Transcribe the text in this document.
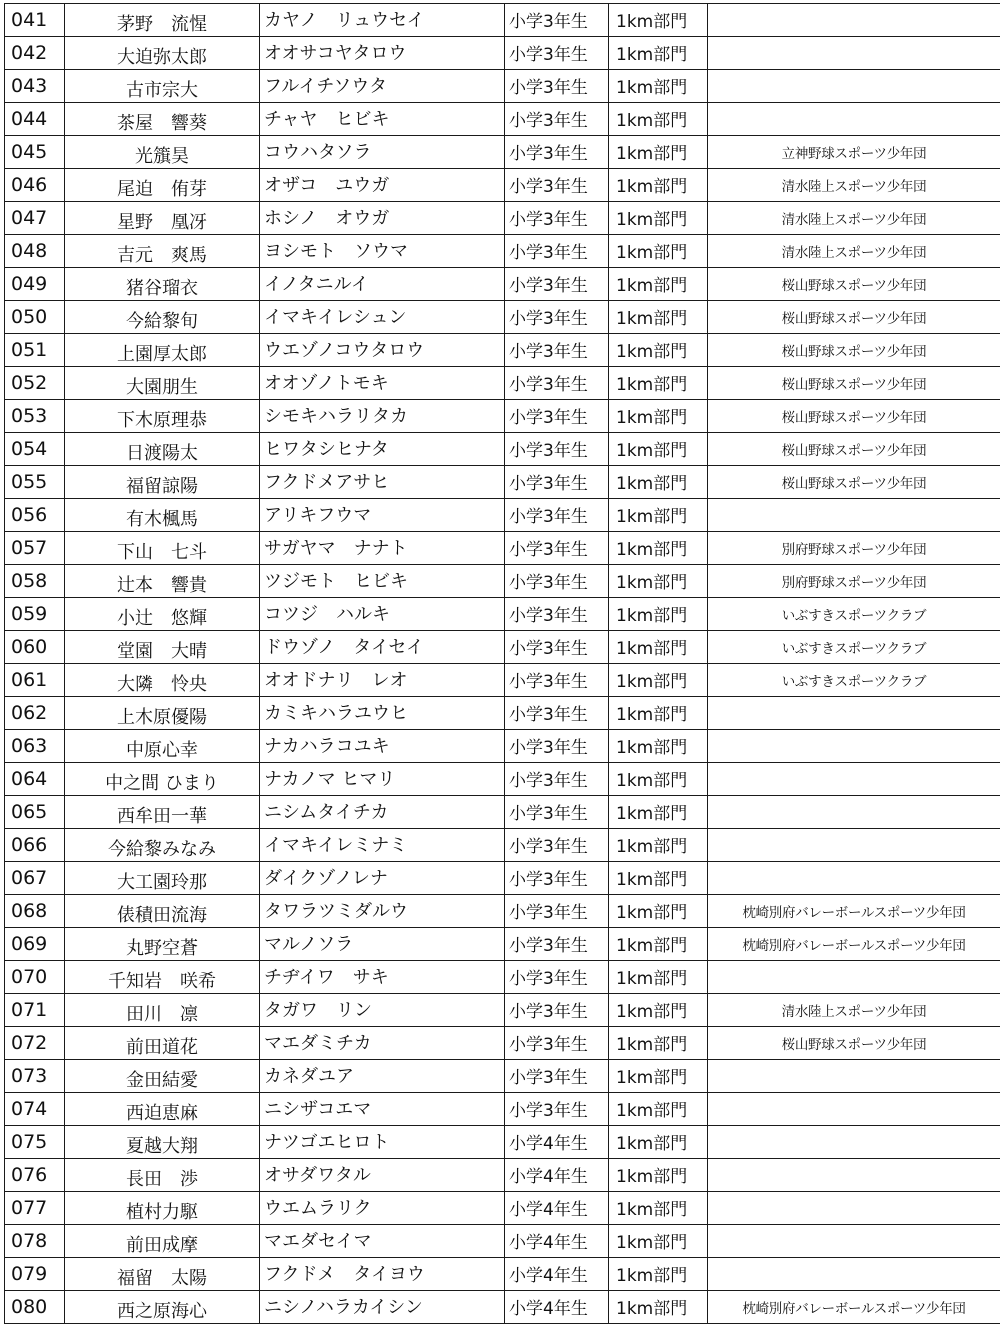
041	茅野　流惺	カヤノ　リュウセイ	小学3年生	1km部門	
042	大迫弥太郎	オオサコヤタロウ	小学3年生	1km部門	
043	古市宗大	フルイチソウタ	小学3年生	1km部門	
044	茶屋　響葵	チャヤ　ヒビキ	小学3年生	1km部門	
045	光籏昊	コウハタソラ	小学3年生	1km部門	立神野球スポーツ少年団
046	尾迫　侑芽	オザコ　ユウガ	小学3年生	1km部門	清水陸上スポーツ少年団
047	星野　凰冴	ホシノ　オウガ	小学3年生	1km部門	清水陸上スポーツ少年団
048	吉元　爽馬	ヨシモト　ソウマ	小学3年生	1km部門	清水陸上スポーツ少年団
049	猪谷瑠衣	イノタニルイ	小学3年生	1km部門	桜山野球スポーツ少年団
050	今給黎旬	イマキイレシュン	小学3年生	1km部門	桜山野球スポーツ少年団
051	上園厚太郎	ウエゾノコウタロウ	小学3年生	1km部門	桜山野球スポーツ少年団
052	大園朋生	オオゾノトモキ	小学3年生	1km部門	桜山野球スポーツ少年団
053	下木原理恭	シモキハラリタカ	小学3年生	1km部門	桜山野球スポーツ少年団
054	日渡陽太	ヒワタシヒナタ	小学3年生	1km部門	桜山野球スポーツ少年団
055	福留諒陽	フクドメアサヒ	小学3年生	1km部門	桜山野球スポーツ少年団
056	有木楓馬	アリキフウマ	小学3年生	1km部門	
057	下山　七斗	サガヤマ　ナナト	小学3年生	1km部門	別府野球スポーツ少年団
058	辻本　響貴	ツジモト　ヒビキ	小学3年生	1km部門	別府野球スポーツ少年団
059	小辻　悠輝	コツジ　ハルキ	小学3年生	1km部門	いぶすきスポーツクラブ
060	堂園　大晴	ドウゾノ　タイセイ	小学3年生	1km部門	いぶすきスポーツクラブ
061	大隣　怜央	オオドナリ　レオ	小学3年生	1km部門	いぶすきスポーツクラブ
062	上木原優陽	カミキハラユウヒ	小学3年生	1km部門	
063	中原心幸	ナカハラコユキ	小学3年生	1km部門	
064	中之間 ひまり	ナカノマ ヒマリ	小学3年生	1km部門	
065	西牟田一華	ニシムタイチカ	小学3年生	1km部門	
066	今給黎みなみ	イマキイレミナミ	小学3年生	1km部門	
067	大工園玲那	ダイクゾノレナ	小学3年生	1km部門	
068	俵積田流海	タワラツミダルウ	小学3年生	1km部門	枕崎別府バレーボールスポーツ少年団
069	丸野空蒼	マルノソラ	小学3年生	1km部門	枕崎別府バレーボールスポーツ少年団
070	千知岩　咲希	チヂイワ　サキ	小学3年生	1km部門	
071	田川　凛	タガワ　リン	小学3年生	1km部門	清水陸上スポーツ少年団
072	前田道花	マエダミチカ	小学3年生	1km部門	桜山野球スポーツ少年団
073	金田結愛	カネダユア	小学3年生	1km部門	
074	西迫恵麻	ニシザコエマ	小学3年生	1km部門	
075	夏越大翔	ナツゴエヒロト	小学4年生	1km部門	
076	長田　渉	オサダワタル	小学4年生	1km部門	
077	植村力駆	ウエムラリク	小学4年生	1km部門	
078	前田成摩	マエダセイマ	小学4年生	1km部門	
079	福留　太陽	フクドメ　タイヨウ	小学4年生	1km部門	
080	西之原海心	ニシノハラカイシン	小学4年生	1km部門	枕崎別府バレーボールスポーツ少年団
